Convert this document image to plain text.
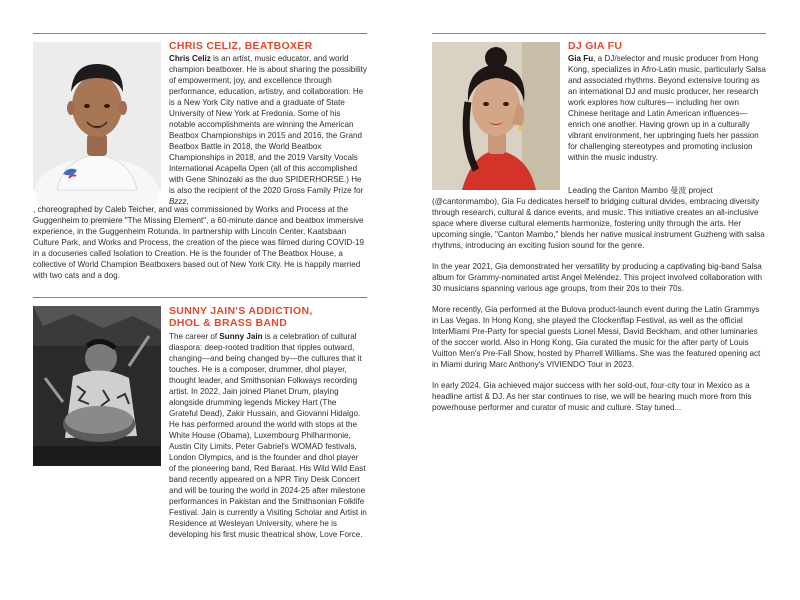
CHRIS CELIZ, BEATBOXER
Chris Celiz is an artist, music educator, and world champion beatboxer. He is about sharing the possibility of empowerment, joy, and excellence through performance, education, artistry, and collaboration. He is a New York City native and a graduate of State University of New York at Fredonia. Some of his notable accomplishments are winning the American Beatbox Championships in 2015 and 2016, the Grand Beatbox Battle in 2018, the World Beatbox Championships in 2018, and the 2019 Varsity Vocals International Acapella Open (all of this accomplished with Gene Shinozaki as the duo SPIDERHORSE.) He is also the recipient of the 2020 Gross Family Prize for Bzzz,
, choreographed by Caleb Teicher, and was commissioned by Works and Process at the Guggenheim to premiere "The Missing Element", a 60-minute dance and beatbox immersive experience, in the Guggenheim Rotunda. In partnership with Lincoln Center, Kaatsbaan Culture Park, and Works and Process, the creation of the piece was filmed during COVID-19 in a docuseries called Isolation to Creation. He is the founder of The Beatbox House, a collective of World Champion Beatboxers based out of New York City. He is happily married with two cats and a dog.
SUNNY JAIN'S ADDICTION,
DHOL & BRASS BAND
The career of Sunny Jain is a celebration of cultural diaspora: deep-rooted tradition that ripples outward, changing—and being changed by—the cultures that it touches. He is a composer, drummer, dhol player, thought leader, and Smithsonian Folkways recording artist. In 2022, Jain joined Planet Drum, playing alongside drumming legends Mickey Hart (The Grateful Dead), Zakir Hussain, and Giovanni Hidalgo. He has performed around the world with stops at the White House (Obama), Luxembourg Philharmonie, Austin City Limits, Peter Gabriel's WOMAD festivals, London Olympics, and is the founder and dhol player of the pioneering band, Red Baraat. His Wild Wild East band recently appeared on a NPR Tiny Desk Concert and will be touring the world in 2024-25 after milestone performances in Pakistan and the Smithsonian Folklife Festival. Jain is currently a Visiting Scholar and Artist in Residence at Wesleyan University, where he is developing his first music theatrical show, Love Force.
DJ GIA FU
Gia Fu, a DJ/selector and music producer from Hong Kong, specializes in Afro-Latin music, particularly Salsa and associated rhythms. Beyond extensive touring as an international DJ and music producer, her research work explores how cultures— including her own Chinese heritage and Latin American influences—enrich one another. Having grown up in a culturally vibrant environment, her upbringing fuels her passion for challenging stereotypes and promoting inclusion within the music industry.

Leading the Canton Mambo 曼波 project (@cantonmambo), Gia Fu dedicates herself to bridging cultural divides, embracing diversity through research, cultural & dance events, and music. This initiative creates an all-inclusive space where diverse cultural elements harmonize, fostering unity through the arts. Her upcoming single, "Canton Mambo," blends her native musical instrument Guzheng with salsa rhythms, introducing an exciting fusion sound for the genre.

In the year 2021, Gia demonstrated her versatility by producing a captivating big-band Salsa album for Grammy-nominated artist Angel Meléndez. This project involved collaboration with 30 musicians spanning various age groups, from their 20s to their 70s.

More recently, Gia performed at the Bulova product-launch event during the Latin Grammys in Las Vegas. In Hong Kong, she played the Clockenflap Festival, as well as the official InterMiami Pre-Party for special guests Lionel Messi, David Beckham, and other luminaries of the soccer world. Also in Hong Kong, Gia curated the music for the after party of Louis Vuitton Men's Pre-Fall Show, hosted by Pharrell Williams. She was the featured opening act in Miami during Marc Anthony's VIVIENDO Tour in 2023.

In early 2024, Gia achieved major success with her sold-out, four-city tour in Mexico as a headline artist & DJ. As her star continues to rise, we will be hearing much more from this powerhouse performer and curator of music and culture. Stay tuned...
